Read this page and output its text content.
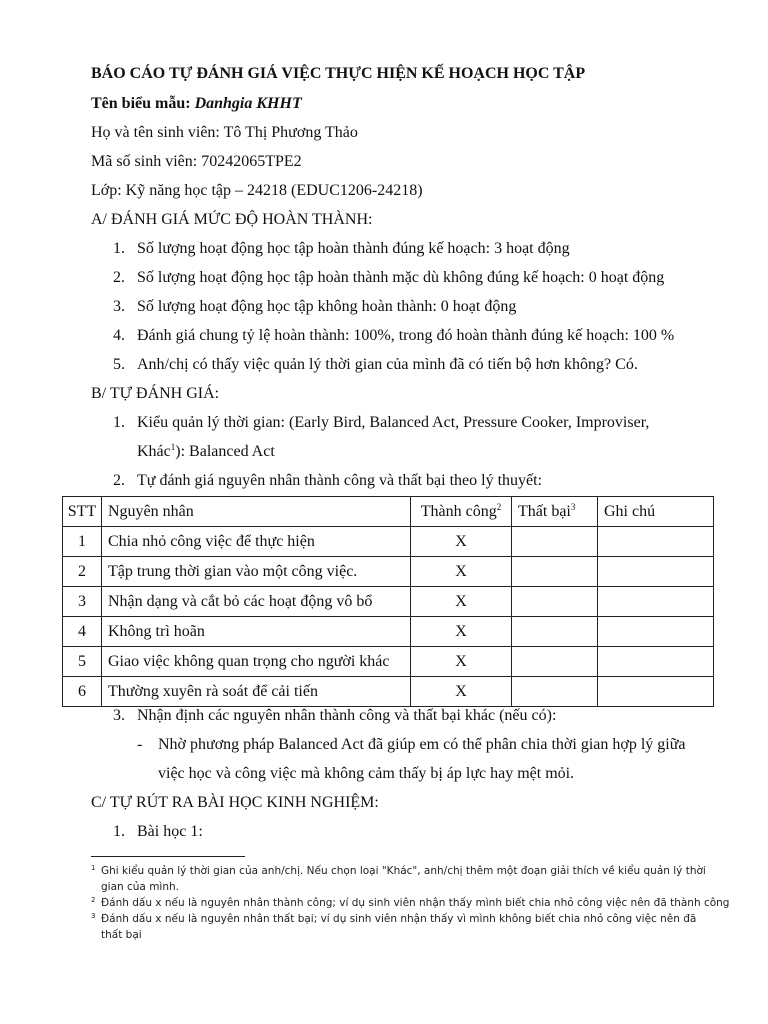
BÁO CÁO TỰ ĐÁNH GIÁ VIỆC THỰC HIỆN KẾ HOẠCH HỌC TẬP
Tên biểu mẫu: Danhgia KHHT
Họ và tên sinh viên: Tô Thị Phương Thảo
Mã số sinh viên: 70242065TPE2
Lớp: Kỹ năng học tập – 24218 (EDUC1206-24218)
A/ ĐÁNH GIÁ MỨC ĐỘ HOÀN THÀNH:
1. Số lượng hoạt động học tập hoàn thành đúng kế hoạch: 3 hoạt động
2. Số lượng hoạt động học tập hoàn thành mặc dù không đúng kế hoạch: 0 hoạt động
3. Số lượng hoạt động học tập không hoàn thành: 0 hoạt động
4. Đánh giá chung tỷ lệ hoàn thành: 100%, trong đó hoàn thành đúng kế hoạch: 100 %
5. Anh/chị có thấy việc quản lý thời gian của mình đã có tiến bộ hơn không? Có.
B/ TỰ ĐÁNH GIÁ:
1. Kiểu quản lý thời gian: (Early Bird, Balanced Act, Pressure Cooker, Improviser,
Khác$^1$): Balanced Act
2. Tự đánh giá nguyên nhân thành công và thất bại theo lý thuyết:
STT	Nguyên nhân	Thành công$^2$	Thất bại$^3$	Ghi chú
1	Chia nhỏ công việc để thực hiện	X		
2	Tập trung thời gian vào một công việc.	X		
3	Nhận dạng và cắt bỏ các hoạt động vô bổ	X		
4	Không trì hoãn	X		
5	Giao việc không quan trọng cho người khác	X		
6	Thường xuyên rà soát để cải tiến	X		
3. Nhận định các nguyên nhân thành công và thất bại khác (nếu có):
- Nhờ phương pháp Balanced Act đã giúp em có thể phân chia thời gian hợp lý giữa
việc học và công việc mà không cảm thấy bị áp lực hay mệt mỏi.
C/ TỰ RÚT RA BÀI HỌC KINH NGHIỆM:
1. Bài học 1:
1 Ghi kiểu quản lý thời gian của anh/chị. Nếu chọn loại "Khác", anh/chị thêm một đoạn giải thích về kiểu quản lý thời gian của mình.
2 Đánh dấu x nếu là nguyên nhân thành công; ví dụ sinh viên nhận thấy mình biết chia nhỏ công việc nên đã thành công
3 Đánh dấu x nếu là nguyên nhân thất bại; ví dụ sinh viên nhận thấy vì mình không biết chia nhỏ công việc nên đã thất bại
